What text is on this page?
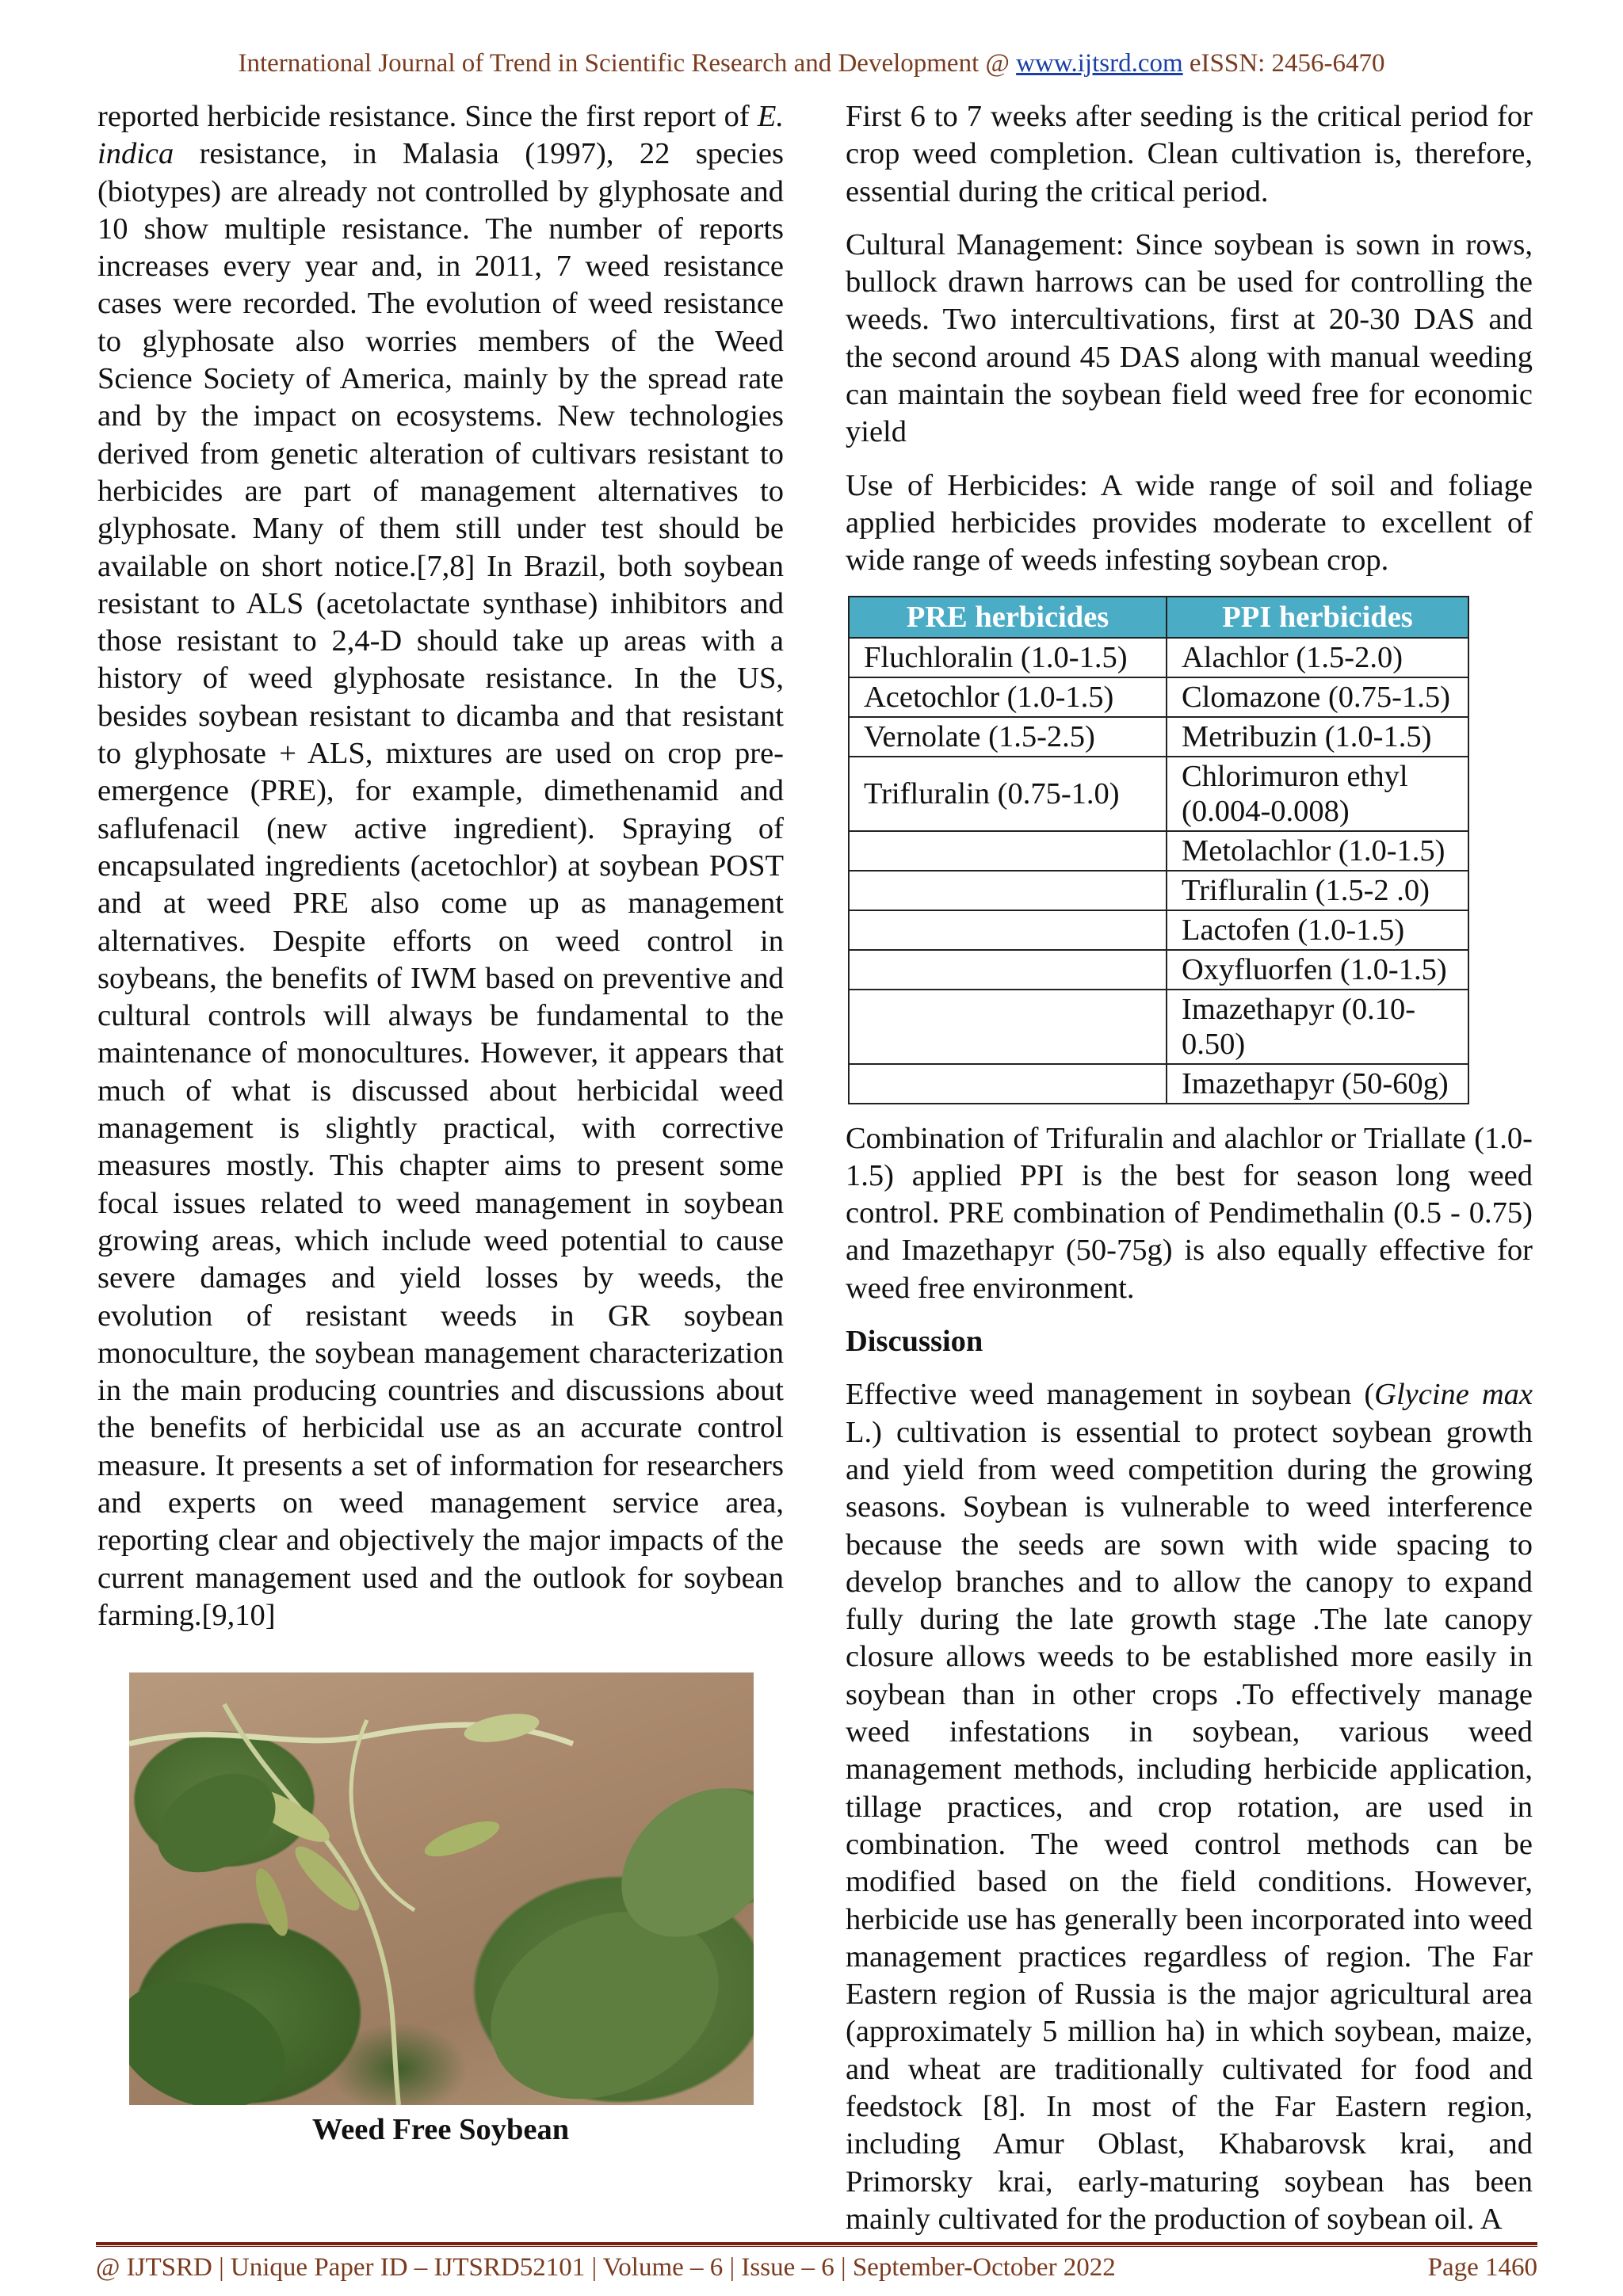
International Journal of Trend in Scientific Research and Development @ www.ijtsrd.com eISSN: 2456-6470

reported herbicide resistance. Since the first report of E. indica resistance, in Malasia (1997), 22 species (biotypes) are already not controlled by glyphosate and 10 show multiple resistance. The number of reports increases every year and, in 2011, 7 weed resistance cases were recorded. The evolution of weed resistance to glyphosate also worries members of the Weed Science Society of America, mainly by the spread rate and by the impact on ecosystems. New technologies derived from genetic alteration of cultivars resistant to herbicides are part of management alternatives to glyphosate. Many of them still under test should be available on short notice.[7,8] In Brazil, both soybean resistant to ALS (acetolactate synthase) inhibitors and those resistant to 2,4-D should take up areas with a history of weed glyphosate resistance. In the US, besides soybean resistant to dicamba and that resistant to glyphosate + ALS, mixtures are used on crop pre-emergence (PRE), for example, dimethenamid and saflufenacil (new active ingredient). Spraying of encapsulated ingredients (acetochlor) at soybean POST and at weed PRE also come up as management alternatives. Despite efforts on weed control in soybeans, the benefits of IWM based on preventive and cultural controls will always be fundamental to the maintenance of monocultures. However, it appears that much of what is discussed about herbicidal weed management is slightly practical, with corrective measures mostly. This chapter aims to present some focal issues related to weed management in soybean growing areas, which include weed potential to cause severe damages and yield losses by weeds, the evolution of resistant weeds in GR soybean monoculture, the soybean management characterization in the main producing countries and discussions about the benefits of herbicidal use as an accurate control measure. It presents a set of information for researchers and experts on weed management service area, reporting clear and objectively the major impacts of the current management used and the outlook for soybean farming.[9,10]

Weed Free Soybean

First 6 to 7 weeks after seeding is the critical period for crop weed completion. Clean cultivation is, therefore, essential during the critical period.

Cultural Management: Since soybean is sown in rows, bullock drawn harrows can be used for controlling the weeds. Two intercultivations, first at 20-30 DAS and the second around 45 DAS along with manual weeding can maintain the soybean field weed free for economic yield

Use of Herbicides: A wide range of soil and foliage applied herbicides provides moderate to excellent of wide range of weeds infesting soybean crop.

PRE herbicides	PPI herbicides
Fluchloralin (1.0-1.5)	Alachlor (1.5-2.0)
Acetochlor (1.0-1.5)	Clomazone (0.75-1.5)
Vernolate (1.5-2.5)	Metribuzin (1.0-1.5)
Trifluralin (0.75-1.0)	Chlorimuron ethyl (0.004-0.008)
	Metolachlor (1.0-1.5)
	Trifluralin (1.5-2 .0)
	Lactofen (1.0-1.5)
	Oxyfluorfen (1.0-1.5)
	Imazethapyr (0.10-0.50)
	Imazethapyr (50-60g)

Combination of Trifuralin and alachlor or Triallate (1.0-1.5) applied PPI is the best for season long weed control. PRE combination of Pendimethalin (0.5 - 0.75) and Imazethapyr (50-75g) is also equally effective for weed free environment.

Discussion

Effective weed management in soybean (Glycine max L.) cultivation is essential to protect soybean growth and yield from weed competition during the growing seasons. Soybean is vulnerable to weed interference because the seeds are sown with wide spacing to develop branches and to allow the canopy to expand fully during the late growth stage .The late canopy closure allows weeds to be established more easily in soybean than in other crops .To effectively manage weed infestations in soybean, various weed management methods, including herbicide application, tillage practices, and crop rotation, are used in combination. The weed control methods can be modified based on the field conditions. However, herbicide use has generally been incorporated into weed management practices regardless of region. The Far Eastern region of Russia is the major agricultural area (approximately 5 million ha) in which soybean, maize, and wheat are traditionally cultivated for food and feedstock [8]. In most of the Far Eastern region, including Amur Oblast, Khabarovsk krai, and Primorsky krai, early-maturing soybean has been mainly cultivated for the production of soybean oil. A

@ IJTSRD | Unique Paper ID – IJTSRD52101 | Volume – 6 | Issue – 6 | September-October 2022	Page 1460
